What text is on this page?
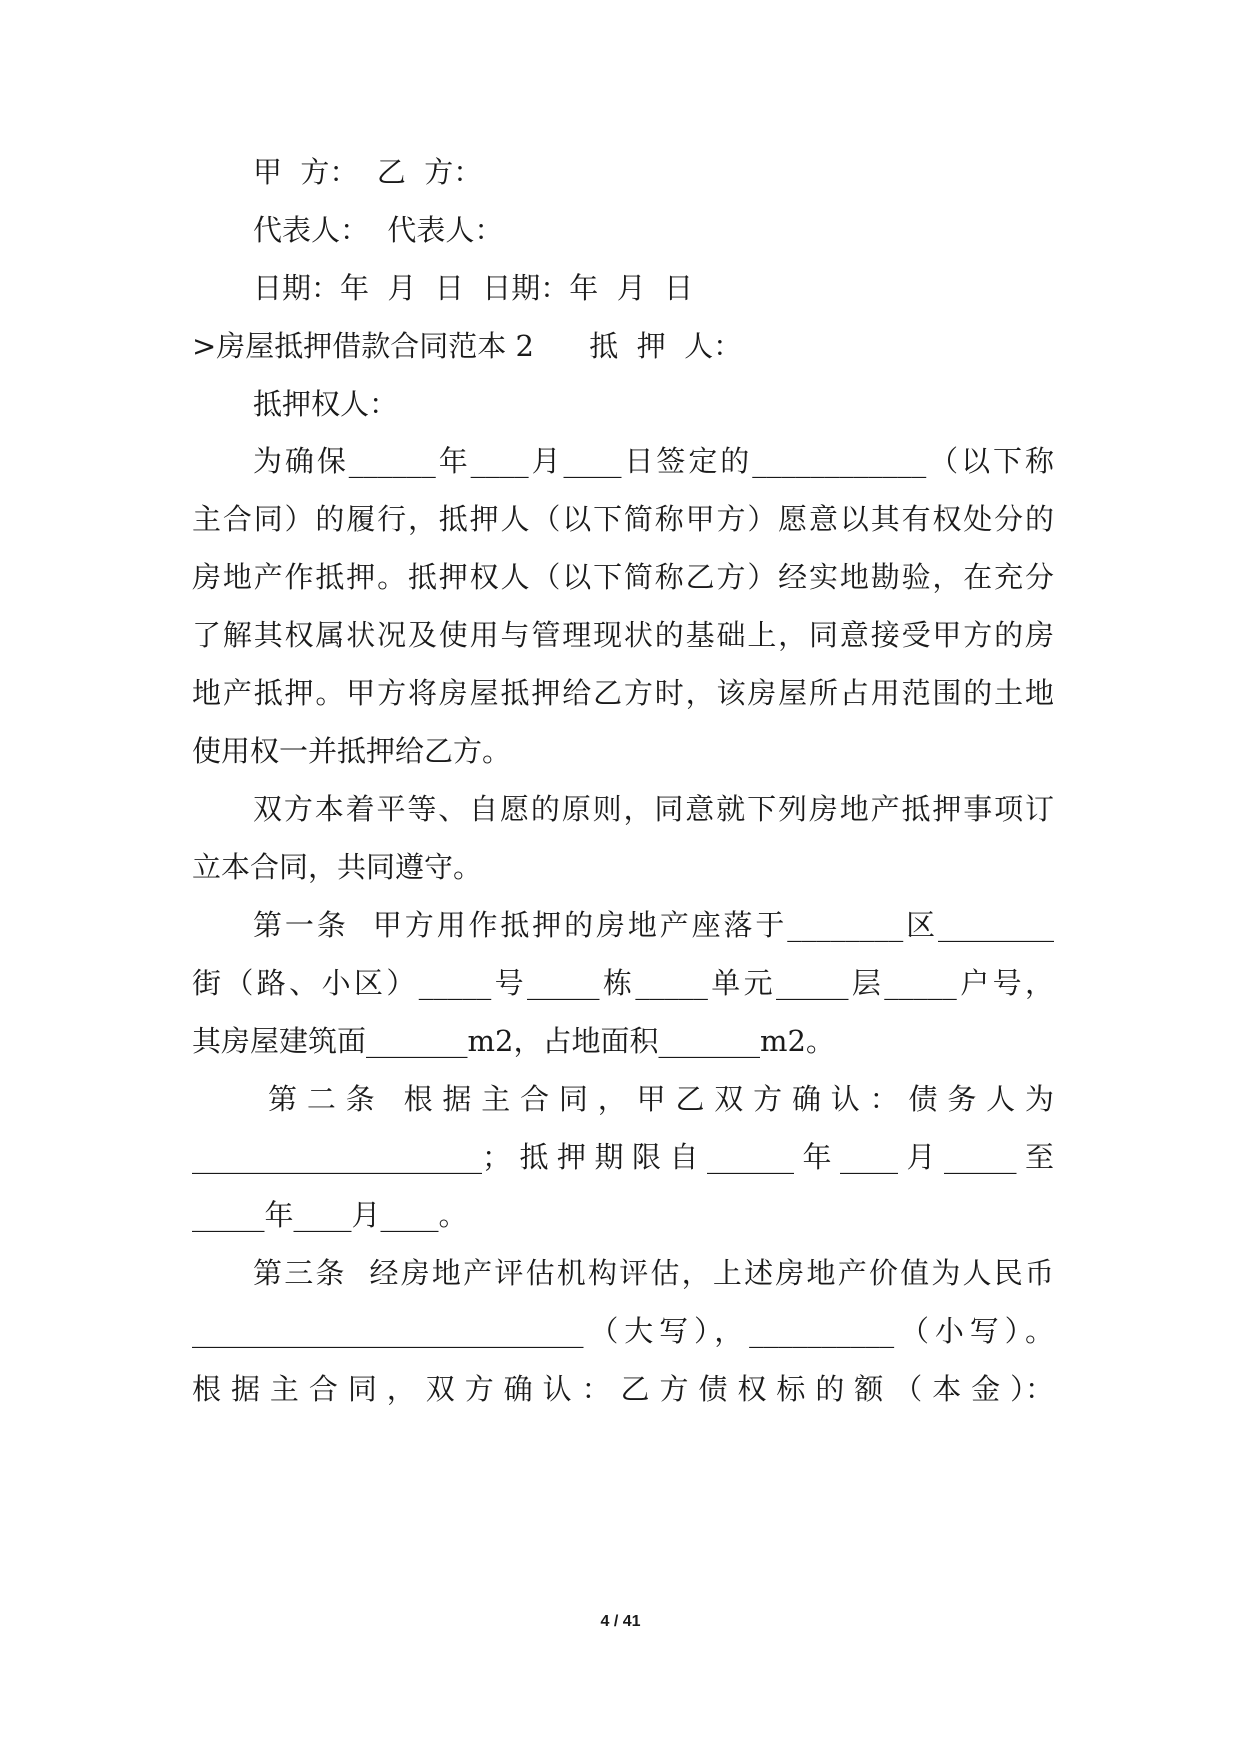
甲  方：  乙  方：
代表人：  代表人：
日期：年  月  日  日期：年  月  日
>房屋抵押借款合同范本 2      抵  押  人：
抵押权人：
为确保______年____月____日签定的____________（以下称
主合同）的履行，抵押人（以下简称甲方）愿意以其有权处分的
房地产作抵押。抵押权人（以下简称乙方）经实地勘验，在充分
了解其权属状况及使用与管理现状的基础上，同意接受甲方的房
地产抵押。甲方将房屋抵押给乙方时，该房屋所占用范围的土地
使用权一并抵押给乙方。
双方本着平等、自愿的原则，同意就下列房地产抵押事项订
立本合同，共同遵守。
第一条  甲方用作抵押的房地产座落于________区________
街（路、小区）_____号_____栋_____单元_____层_____户号，
其房屋建筑面_______m2，占地面积_______m2。
第 二 条   根 据 主 合 同 ， 甲 乙 双 方 确 认 ： 债 务 人 为
____________________；抵押期限自______年____月_____至
_____年____月____。
第三条  经房地产评估机构评估，上述房地产价值为人民币
___________________________（大写），__________（小写）。
根 据 主 合 同 ， 双 方 确 认 ： 乙 方 债 权 标 的 额 （ 本 金 ）：
4 / 41
